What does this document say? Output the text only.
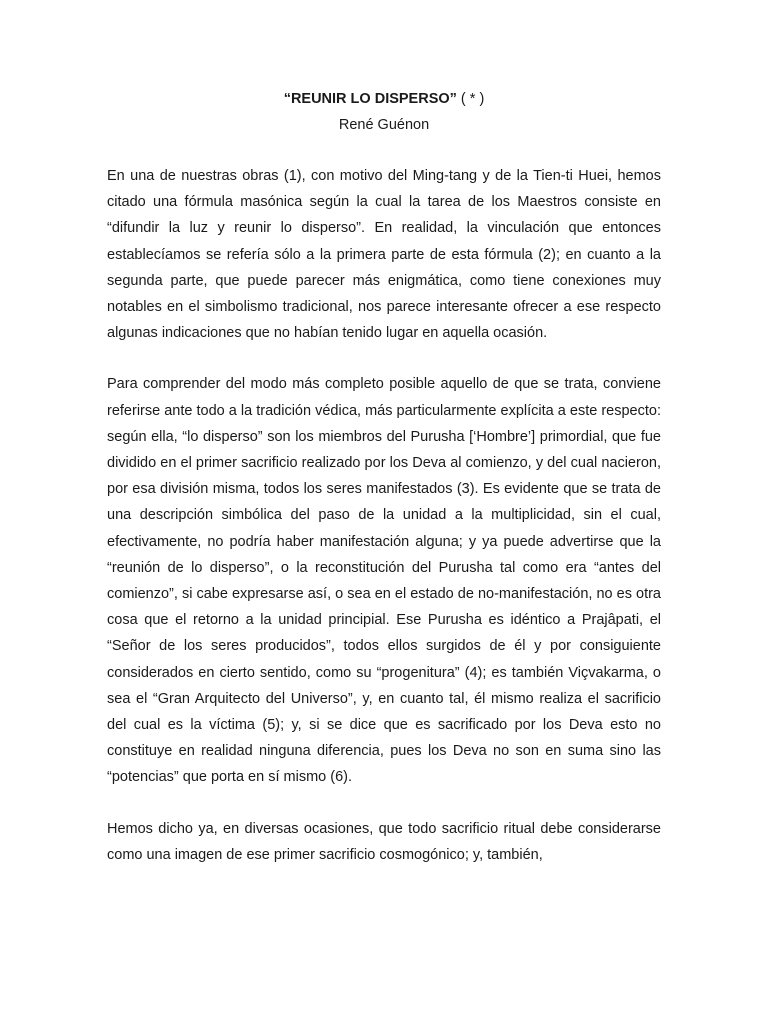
“REUNIR LO DISPERSO” ( * )
René Guénon

En una de nuestras obras (1), con motivo del Ming-tang y de la Tien-ti Huei, hemos citado una fórmula masónica según la cual la tarea de los Maestros consiste en “difundir la luz y reunir lo disperso”. En realidad, la vinculación que entonces establecíamos se refería sólo a la primera parte de esta fórmula (2); en cuanto a la segunda parte, que puede parecer más enigmática, como tiene conexiones muy notables en el simbolismo tradicional, nos parece interesante ofrecer a ese respecto algunas indicaciones que no habían tenido lugar en aquella ocasión.

Para comprender del modo más completo posible aquello de que se trata, conviene referirse ante todo a la tradición védica, más particularmente explícita a este respecto: según ella, “lo disperso” son los miembros del Purusha [‘Hombre’] primordial, que fue dividido en el primer sacrificio realizado por los Deva al comienzo, y del cual nacieron, por esa división misma, todos los seres manifestados (3). Es evidente que se trata de una descripción simbólica del paso de la unidad a la multiplicidad, sin el cual, efectivamente, no podría haber manifestación alguna; y ya puede advertirse que la “reunión de lo disperso”, o la reconstitución del Purusha tal como era “antes del comienzo”, si cabe expresarse así, o sea en el estado de no-manifestación, no es otra cosa que el retorno a la unidad principial. Ese Purusha es idéntico a Prajâpati, el “Señor de los seres producidos”, todos ellos surgidos de él y por consiguiente considerados en cierto sentido, como su “progenitura” (4); es también Viçvakarma, o sea el “Gran Arquitecto del Universo”, y, en cuanto tal, él mismo realiza el sacrificio del cual es la víctima (5); y, si se dice que es sacrificado por los Deva esto no constituye en realidad ninguna diferencia, pues los Deva no son en suma sino las “potencias” que porta en sí mismo (6).

Hemos dicho ya, en diversas ocasiones, que todo sacrificio ritual debe considerarse como una imagen de ese primer sacrificio cosmogónico; y, también,
